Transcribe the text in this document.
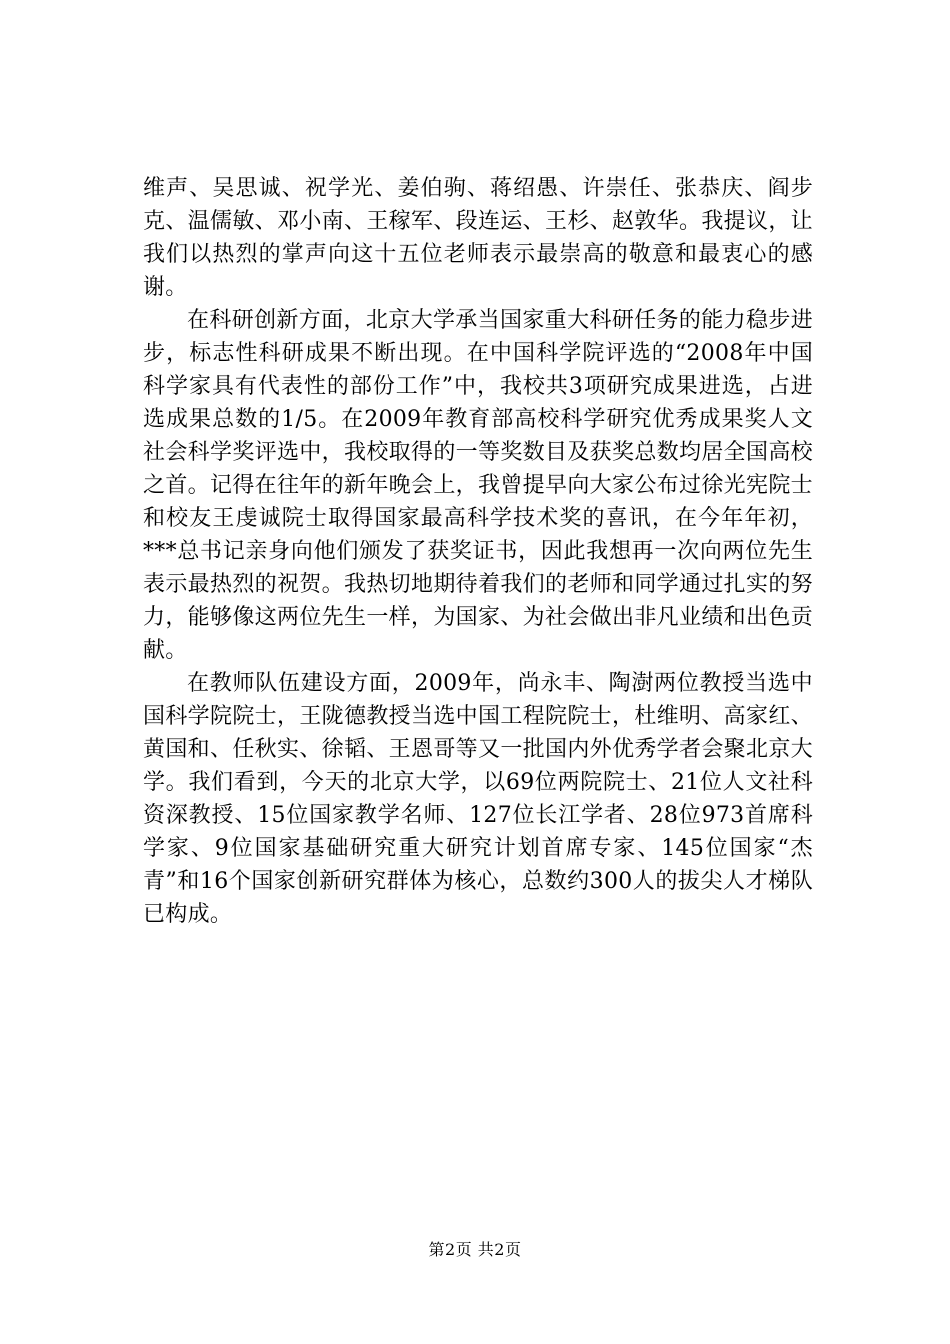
维声、吴思诚、祝学光、姜伯驹、蒋绍愚、许崇任、张恭庆、阎步克、温儒敏、邓小南、王稼军、段连运、王杉、赵敦华。我提议，让我们以热烈的掌声向这十五位老师表示最崇高的敬意和最衷心的感谢。

在科研创新方面，北京大学承当国家重大科研任务的能力稳步进步，标志性科研成果不断出现。在中国科学院评选的“2008年中国科学家具有代表性的部份工作”中，我校共3项研究成果进选，占进选成果总数的1/5。在2009年教育部高校科学研究优秀成果奖人文社会科学奖评选中，我校取得的一等奖数目及获奖总数均居全国高校之首。记得在往年的新年晚会上，我曾提早向大家公布过徐光宪院士和校友王虔诚院士取得国家最高科学技术奖的喜讯，在今年年初，***总书记亲身向他们颁发了获奖证书，因此我想再一次向两位先生表示最热烈的祝贺。我热切地期待着我们的老师和同学通过扎实的努力，能够像这两位先生一样，为国家、为社会做出非凡业绩和出色贡献。

在教师队伍建设方面，2009年，尚永丰、陶澍两位教授当选中国科学院院士，王陇德教授当选中国工程院院士，杜维明、高家红、黄国和、任秋实、徐韬、王恩哥等又一批国内外优秀学者会聚北京大学。我们看到，今天的北京大学，以69位两院院士、21位人文社科资深教授、15位国家教学名师、127位长江学者、28位973首席科学家、9位国家基础研究重大研究计划首席专家、145位国家“杰青”和16个国家创新研究群体为核心，总数约300人的拔尖人才梯队已构成。

第2页 共2页
